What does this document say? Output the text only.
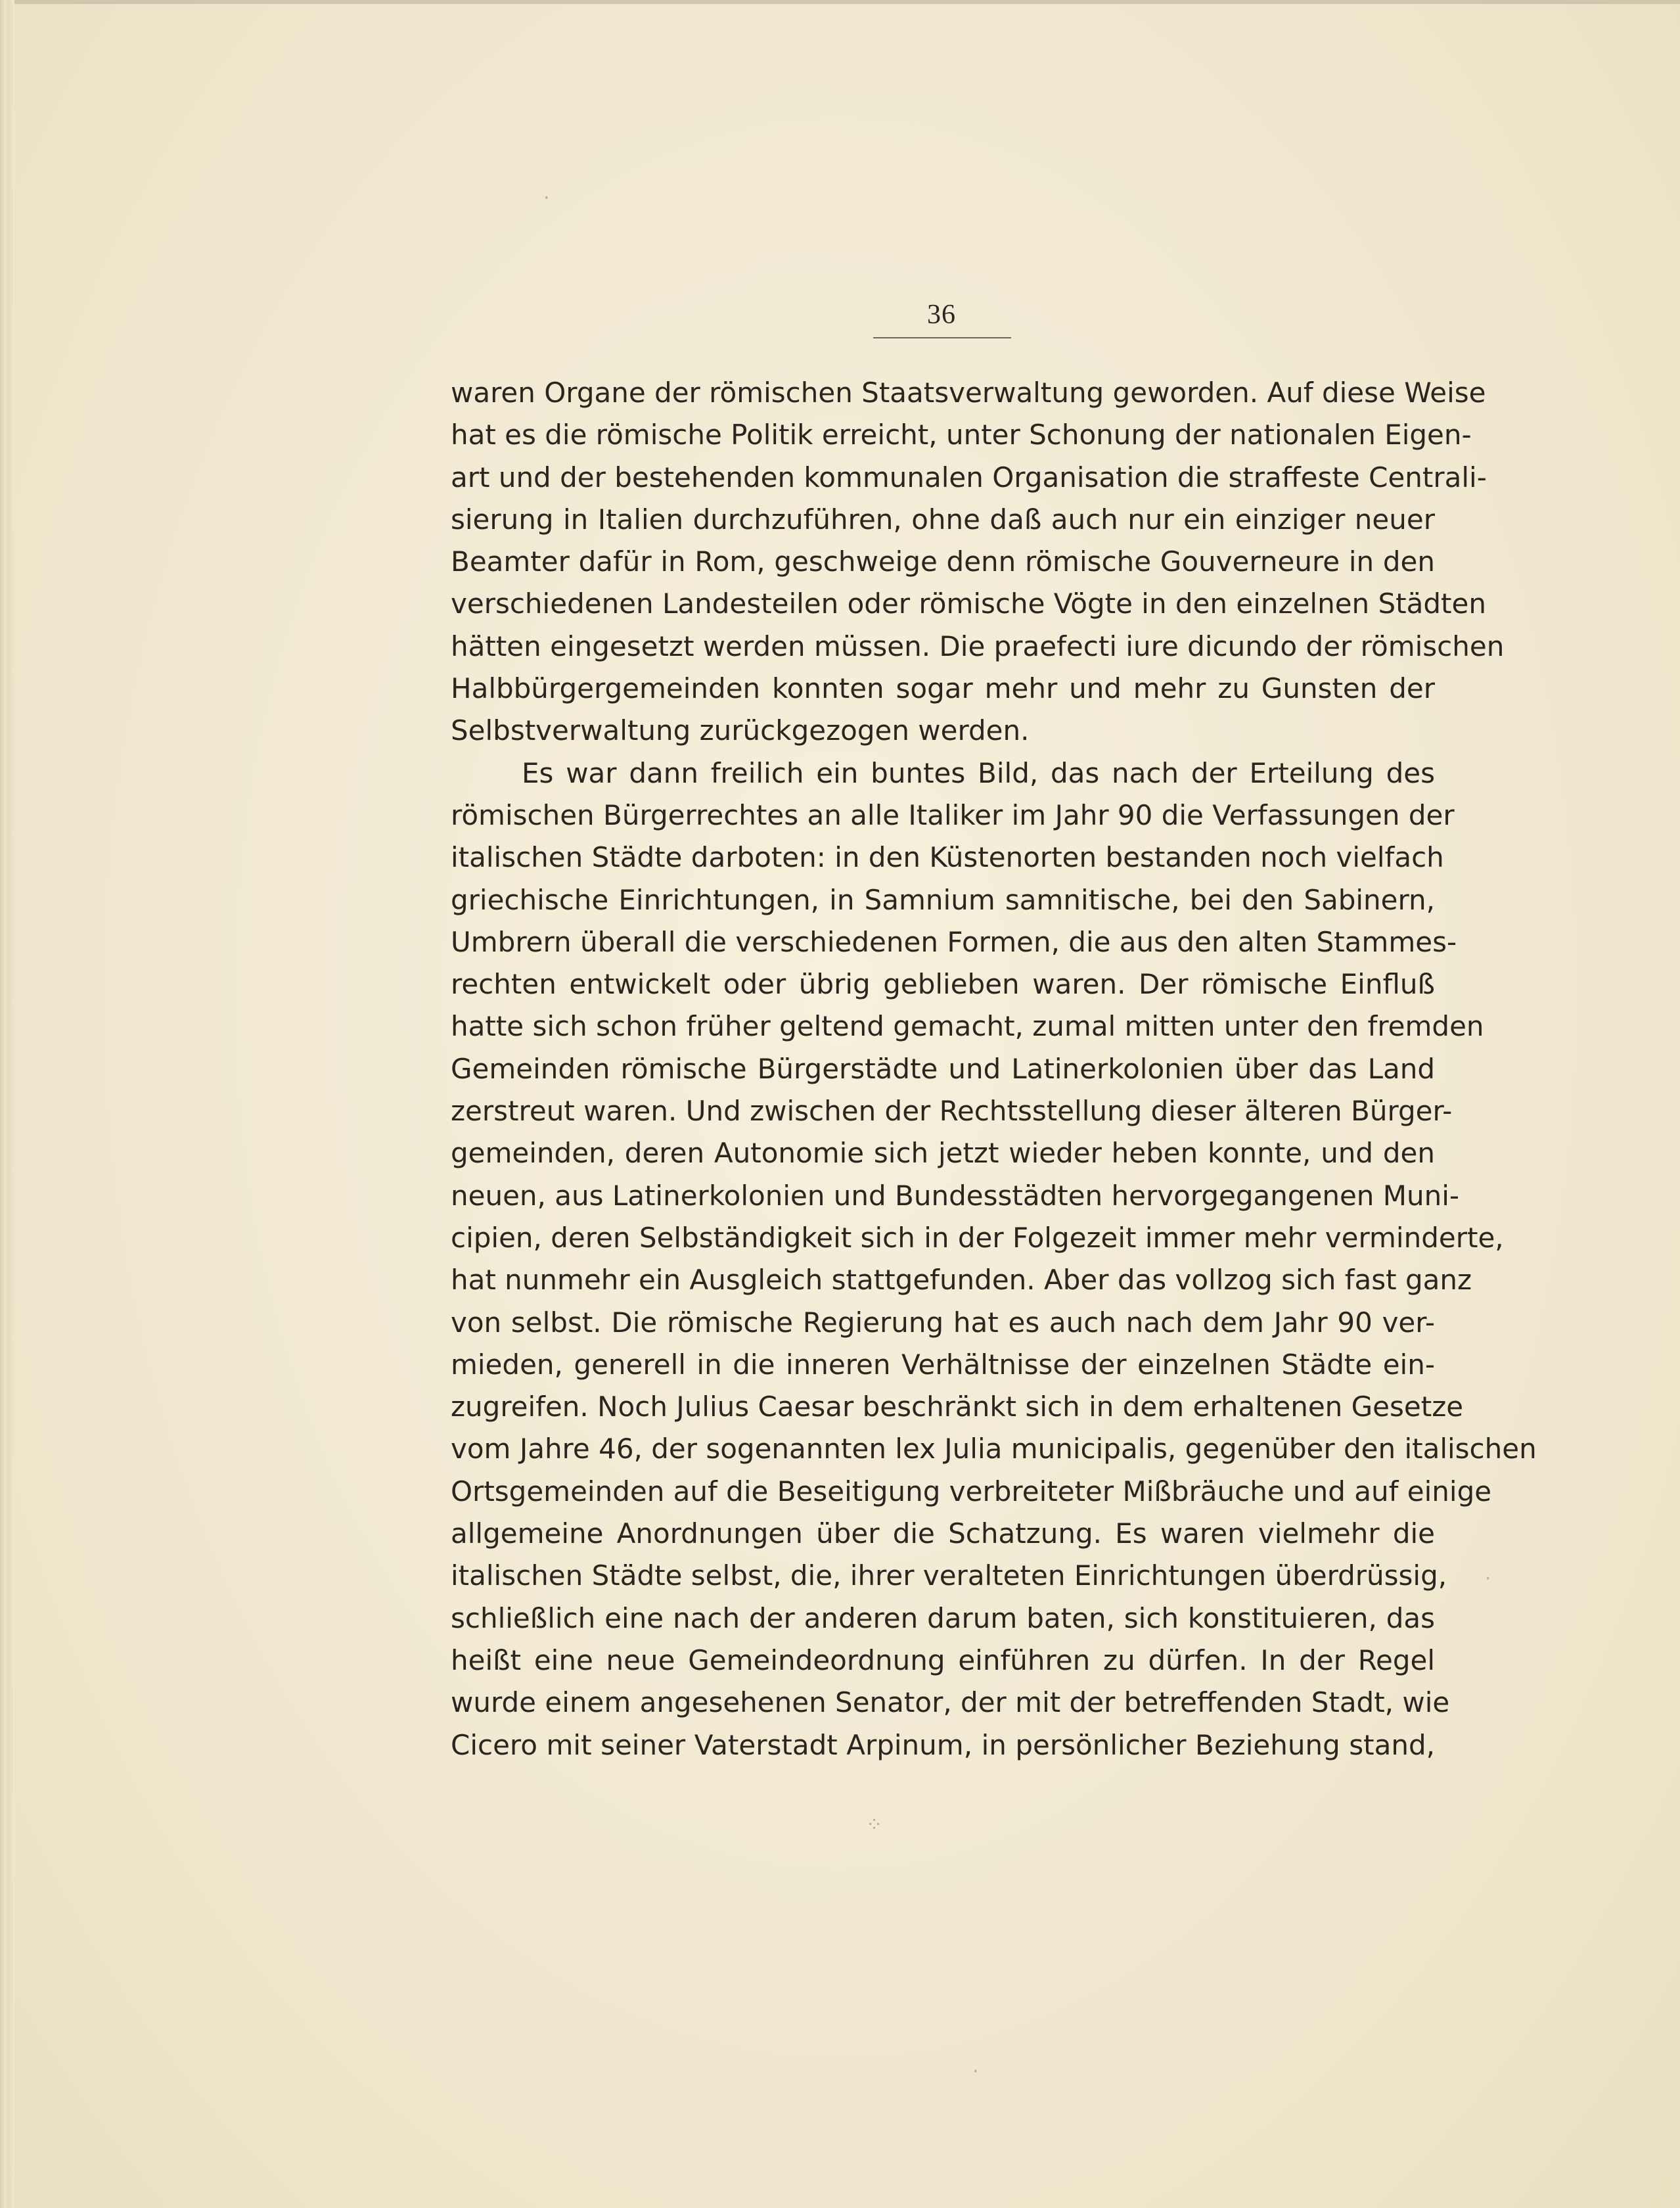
36
waren Organe der römischen Staatsverwaltung geworden. Auf diese Weise
hat es die römische Politik erreicht, unter Schonung der nationalen Eigen-
art und der bestehenden kommunalen Organisation die straffeste Centrali-
sierung in Italien durchzuführen, ohne daß auch nur ein einziger neuer
Beamter dafür in Rom, geschweige denn römische Gouverneure in den
verschiedenen Landesteilen oder römische Vögte in den einzelnen Städten
hätten eingesetzt werden müssen. Die praefecti iure dicundo der römischen
Halbbürgergemeinden konnten sogar mehr und mehr zu Gunsten der
Selbstverwaltung zurückgezogen werden.
Es war dann freilich ein buntes Bild, das nach der Erteilung des
römischen Bürgerrechtes an alle Italiker im Jahr 90 die Verfassungen der
italischen Städte darboten: in den Küstenorten bestanden noch vielfach
griechische Einrichtungen, in Samnium samnitische, bei den Sabinern,
Umbrern überall die verschiedenen Formen, die aus den alten Stammes-
rechten entwickelt oder übrig geblieben waren. Der römische Einfluß
hatte sich schon früher geltend gemacht, zumal mitten unter den fremden
Gemeinden römische Bürgerstädte und Latinerkolonien über das Land
zerstreut waren. Und zwischen der Rechtsstellung dieser älteren Bürger-
gemeinden, deren Autonomie sich jetzt wieder heben konnte, und den
neuen, aus Latinerkolonien und Bundesstädten hervorgegangenen Muni-
cipien, deren Selbständigkeit sich in der Folgezeit immer mehr verminderte,
hat nunmehr ein Ausgleich stattgefunden. Aber das vollzog sich fast ganz
von selbst. Die römische Regierung hat es auch nach dem Jahr 90 ver-
mieden, generell in die inneren Verhältnisse der einzelnen Städte ein-
zugreifen. Noch Julius Caesar beschränkt sich in dem erhaltenen Gesetze
vom Jahre 46, der sogenannten lex Julia municipalis, gegenüber den italischen
Ortsgemeinden auf die Beseitigung verbreiteter Mißbräuche und auf einige
allgemeine Anordnungen über die Schatzung. Es waren vielmehr die
italischen Städte selbst, die, ihrer veralteten Einrichtungen überdrüssig,
schließlich eine nach der anderen darum baten, sich konstituieren, das
heißt eine neue Gemeindeordnung einführen zu dürfen. In der Regel
wurde einem angesehenen Senator, der mit der betreffenden Stadt, wie
Cicero mit seiner Vaterstadt Arpinum, in persönlicher Beziehung stand,
·
⁘
·
·
